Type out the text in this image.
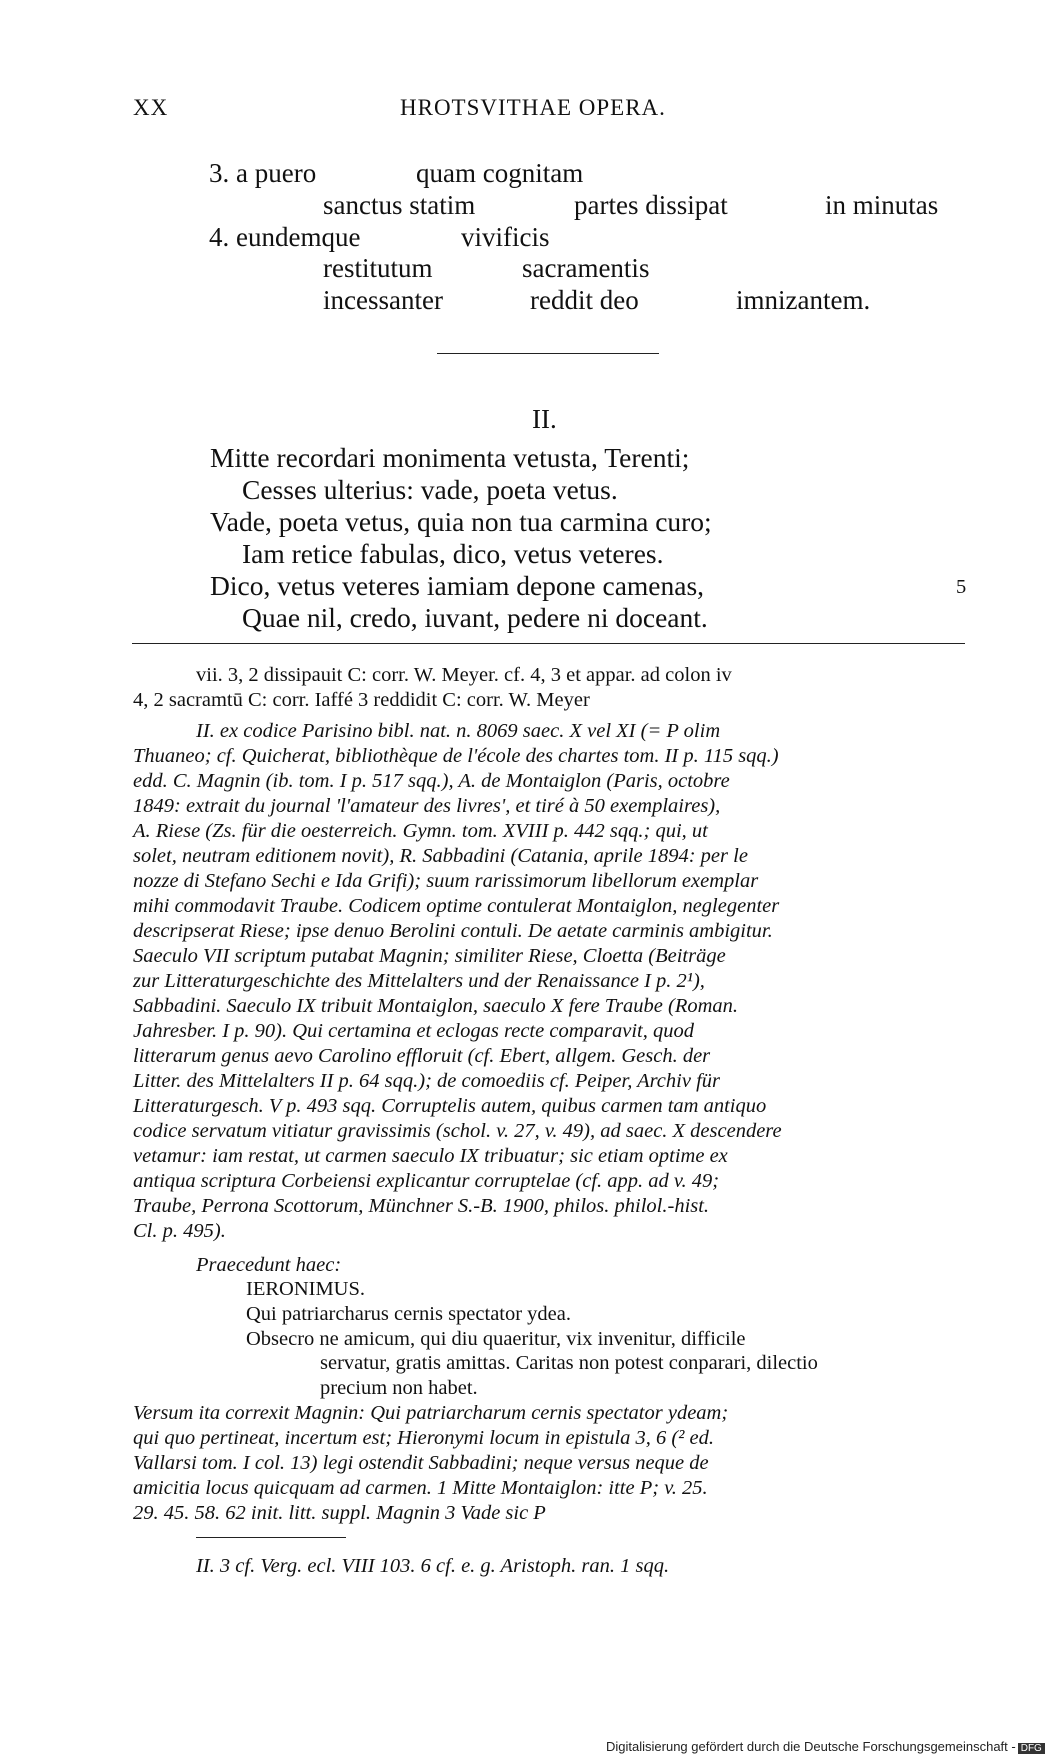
XX	HROTSVITHAE OPERA.
3. a puero	quam cognitam
sanctus statim	partes dissipat	in minutas
4. eundemque	vivificis
restitutum	sacramentis
incessanter	reddit deo	imnizantem.
II.
Mitte recordari monimenta vetusta, Terenti;
Cesses ulterius: vade, poeta vetus.
Vade, poeta vetus, quia non tua carmina curo;
Iam retice fabulas, dico, vetus veteres.
Dico, vetus veteres iamiam depone camenas,	5
Quae nil, credo, iuvant, pedere ni doceant.
vii. 3, 2 dissipauit C: corr. W. Meyer. cf. 4, 3 et appar. ad colon iv
4, 2 sacramtū C: corr. Iaffé 3 reddidit C: corr. W. Meyer
II. ex codice Parisino bibl. nat. n. 8069 saec. X vel XI (= P olim
Thuaneo; cf. Quicherat, bibliothèque de l'école des chartes tom. II p. 115 sqq.)
edd. C. Magnin (ib. tom. I p. 517 sqq.), A. de Montaiglon (Paris, octobre
1849: extrait du journal 'l'amateur des livres', et tiré à 50 exemplaires),
A. Riese (Zs. für die oesterreich. Gymn. tom. XVIII p. 442 sqq.; qui, ut
solet, neutram editionem novit), R. Sabbadini (Catania, aprile 1894: per le
nozze di Stefano Sechi e Ida Grifi); suum rarissimorum libellorum exemplar
mihi commodavit Traube. Codicem optime contulerat Montaiglon, neglegenter
descripserat Riese; ipse denuo Berolini contuli. De aetate carminis ambigitur.
Saeculo VII scriptum putabat Magnin; similiter Riese, Cloetta (Beiträge
zur Litteraturgeschichte des Mittelalters und der Renaissance I p. 2¹),
Sabbadini. Saeculo IX tribuit Montaiglon, saeculo X fere Traube (Roman.
Jahresber. I p. 90). Qui certamina et eclogas recte comparavit, quod
litterarum genus aevo Carolino effloruit (cf. Ebert, allgem. Gesch. der
Litter. des Mittelalters II p. 64 sqq.); de comoediis cf. Peiper, Archiv für
Litteraturgesch. V p. 493 sqq. Corruptelis autem, quibus carmen tam antiquo
codice servatum vitiatur gravissimis (schol. v. 27, v. 49), ad saec. X descendere
vetamur: iam restat, ut carmen saeculo IX tribuatur; sic etiam optime ex
antiqua scriptura Corbeiensi explicantur corruptelae (cf. app. ad v. 49;
Traube, Perrona Scottorum, Münchner S.-B. 1900, philos. philol.-hist.
Cl. p. 495).
Praecedunt haec:
IERONIMUS.
Qui patriarcharus cernis spectator ydea.
Obsecro ne amicum, qui diu quaeritur, vix invenitur, difficile
servatur, gratis amittas. Caritas non potest conparari, dilectio
precium non habet.
Versum ita correxit Magnin: Qui patriarcharum cernis spectator ydeam;
qui quo pertineat, incertum est; Hieronymi locum in epistula 3, 6 (² ed.
Vallarsi tom. I col. 13) legi ostendit Sabbadini; neque versus neque de
amicitia locus quicquam ad carmen. 1 Mitte Montaiglon: itte P; v. 25.
29. 45. 58. 62 init. litt. suppl. Magnin 3 Vade sic P
II. 3 cf. Verg. ecl. VIII 103. 6 cf. e. g. Aristoph. ran. 1 sqq.
Digitalisierung gefördert durch die Deutsche Forschungsgemeinschaft - DFG
